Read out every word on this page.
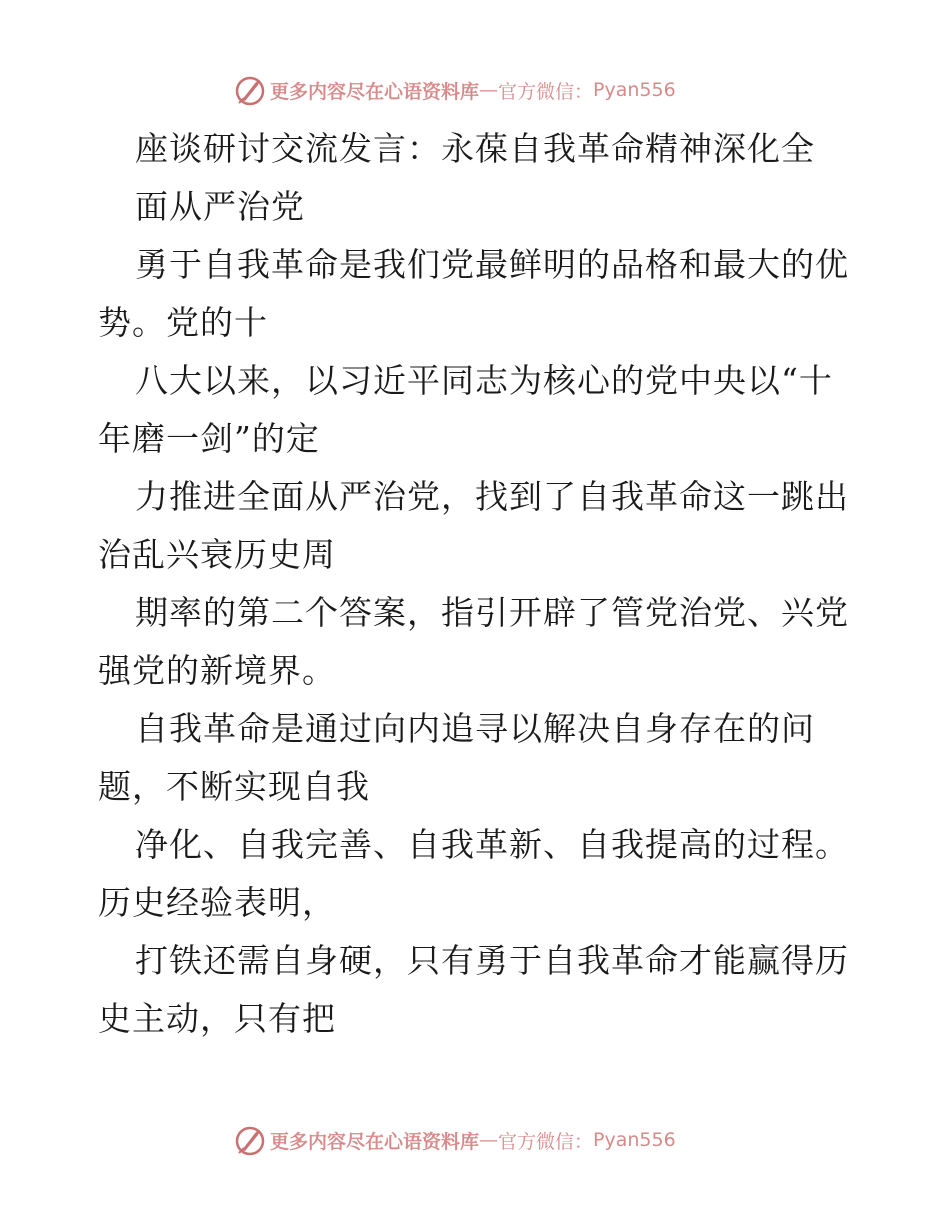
更多内容尽在心语资料库 — 官方微信： Pyan556
座谈研讨交流发言：永葆自我革命精神深化全
面从严治党
勇于自我革命是我们党最鲜明的品格和最大的优
势。党的十
八大以来，以习近平同志为核心的党中央以“十
年磨一剑”的定
力推进全面从严治党，找到了自我革命这一跳出
治乱兴衰历史周
期率的第二个答案，指引开辟了管党治党、兴党
强党的新境界。
自我革命是通过向内追寻以解决自身存在的问
题，不断实现自我
净化、自我完善、自我革新、自我提高的过程。
历史经验表明，
打铁还需自身硬，只有勇于自我革命才能赢得历
史主动，只有把
更多内容尽在心语资料库 — 官方微信： Pyan556
